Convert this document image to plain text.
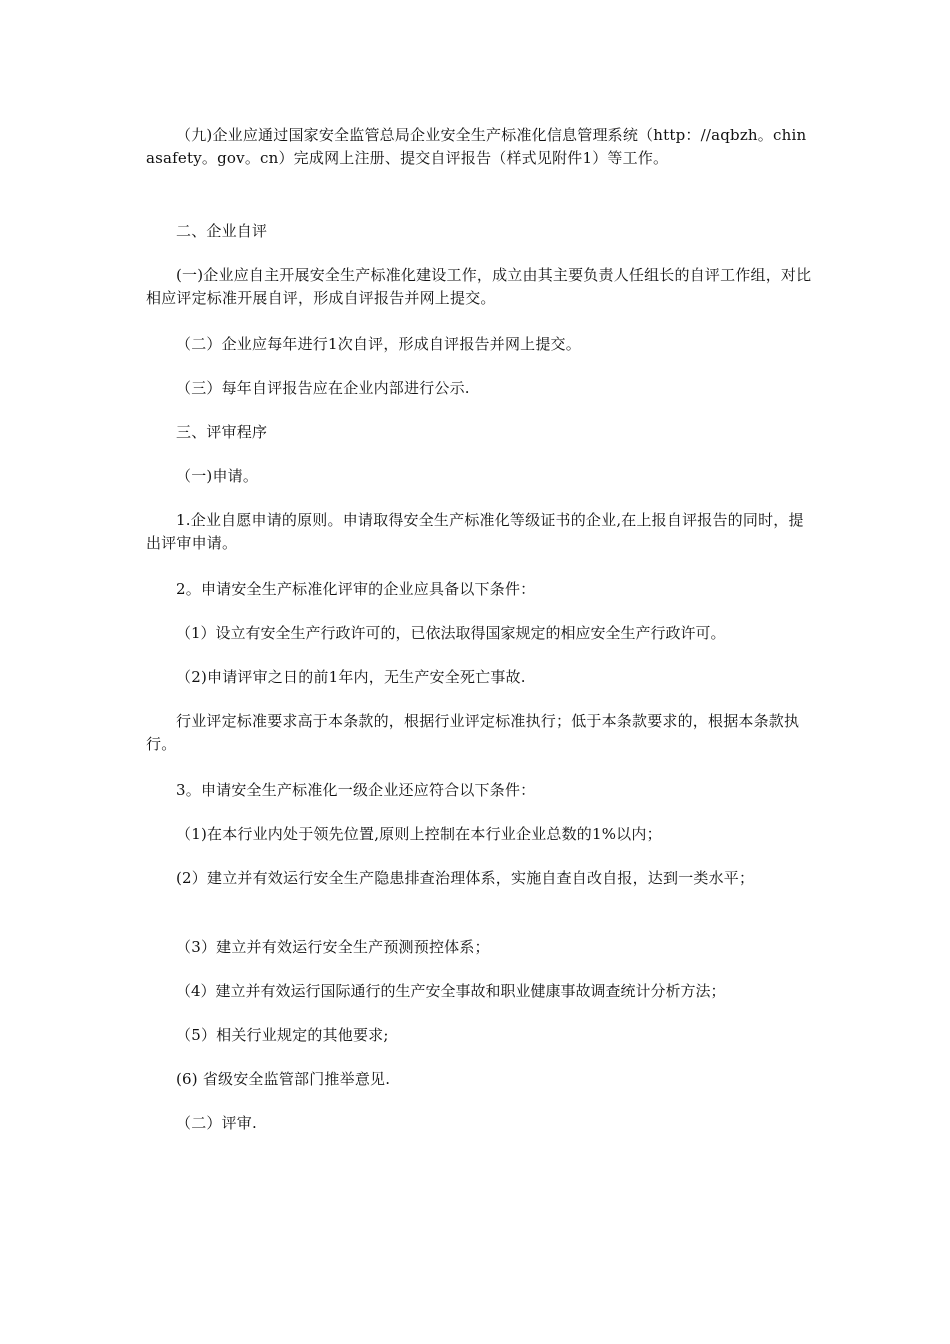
（九)企业应通过国家安全监管总局企业安全生产标准化信息管理系统（http：//aqbzh。chinasafety。gov。cn）完成网上注册、提交自评报告（样式见附件1）等工作。

二、企业自评

(一)企业应自主开展安全生产标准化建设工作，成立由其主要负责人任组长的自评工作组，对比相应评定标准开展自评，形成自评报告并网上提交。

（二）企业应每年进行1次自评，形成自评报告并网上提交。

（三）每年自评报告应在企业内部进行公示.

三、评审程序

（一)申请。

1.企业自愿申请的原则。申请取得安全生产标准化等级证书的企业,在上报自评报告的同时，提出评审申请。

2。申请安全生产标准化评审的企业应具备以下条件：

（1）设立有安全生产行政许可的，已依法取得国家规定的相应安全生产行政许可。

（2)申请评审之日的前1年内，无生产安全死亡事故.

行业评定标准要求高于本条款的，根据行业评定标准执行；低于本条款要求的，根据本条款执行。

3。申请安全生产标准化一级企业还应符合以下条件：

（1)在本行业内处于领先位置,原则上控制在本行业企业总数的1%以内；

(2）建立并有效运行安全生产隐患排查治理体系，实施自查自改自报，达到一类水平；

（3）建立并有效运行安全生产预测预控体系；

（4）建立并有效运行国际通行的生产安全事故和职业健康事故调查统计分析方法；

（5）相关行业规定的其他要求;

(6) 省级安全监管部门推举意见.

（二）评审.
